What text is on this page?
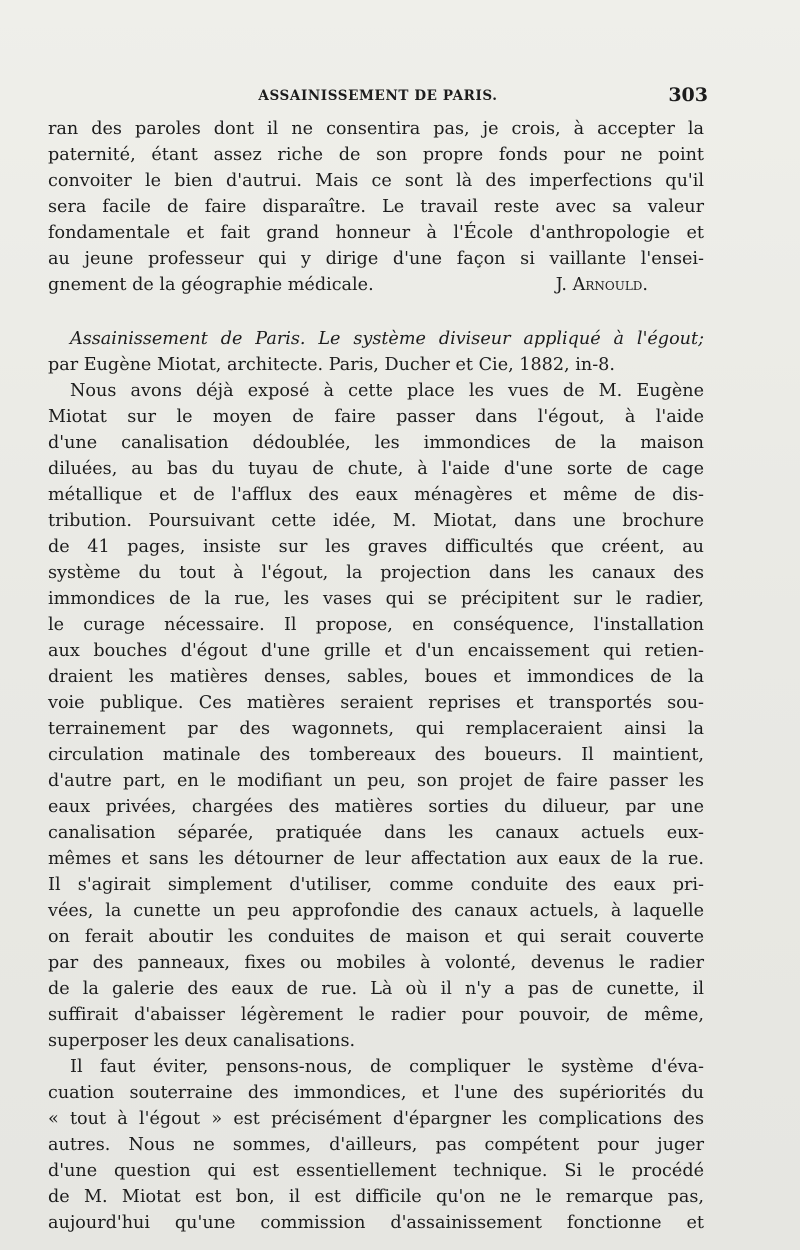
ASSAINISSEMENT DE PARIS.	303

ran des paroles dont il ne consentira pas, je crois, à accepter la

paternité, étant assez riche de son propre fonds pour ne point

convoiter le bien d'autrui. Mais ce sont là des imperfections qu'il

sera facile de faire disparaître. Le travail reste avec sa valeur

fondamentale et fait grand honneur à l'École d'anthropologie et

au jeune professeur qui y dirige d'une façon si vaillante l'ensei-

gnement de la géographie médicale.	J. Arnould.

Assainissement de Paris. Le système diviseur appliqué à l'égout;

par Eugène Miotat, architecte. Paris, Ducher et Cie, 1882, in-8.

Nous avons déjà exposé à cette place les vues de M. Eugène

Miotat sur le moyen de faire passer dans l'égout, à l'aide

d'une canalisation dédoublée, les immondices de la maison

diluées, au bas du tuyau de chute, à l'aide d'une sorte de cage

métallique et de l'afflux des eaux ménagères et même de dis-

tribution. Poursuivant cette idée, M. Miotat, dans une brochure

de 41 pages, insiste sur les graves difficultés que créent, au

système du tout à l'égout, la projection dans les canaux des

immondices de la rue, les vases qui se précipitent sur le radier,

le curage nécessaire. Il propose, en conséquence, l'installation

aux bouches d'égout d'une grille et d'un encaissement qui retien-

draient les matières denses, sables, boues et immondices de la

voie publique. Ces matières seraient reprises et transportés sou-

terrainement par des wagonnets, qui remplaceraient ainsi la

circulation matinale des tombereaux des boueurs. Il maintient,

d'autre part, en le modifiant un peu, son projet de faire passer les

eaux privées, chargées des matières sorties du dilueur, par une

canalisation séparée, pratiquée dans les canaux actuels eux-

mêmes et sans les détourner de leur affectation aux eaux de la rue.

Il s'agirait simplement d'utiliser, comme conduite des eaux pri-

vées, la cunette un peu approfondie des canaux actuels, à laquelle

on ferait aboutir les conduites de maison et qui serait couverte

par des panneaux, fixes ou mobiles à volonté, devenus le radier

de la galerie des eaux de rue. Là où il n'y a pas de cunette, il

suffirait d'abaisser légèrement le radier pour pouvoir, de même,

superposer les deux canalisations.

Il faut éviter, pensons-nous, de compliquer le système d'éva-

cuation souterraine des immondices, et l'une des supériorités du

« tout à l'égout » est précisément d'épargner les complications des

autres. Nous ne sommes, d'ailleurs, pas compétent pour juger

d'une question qui est essentiellement technique. Si le procédé

de M. Miotat est bon, il est difficile qu'on ne le remarque pas,

aujourd'hui qu'une commission d'assainissement fonctionne et
